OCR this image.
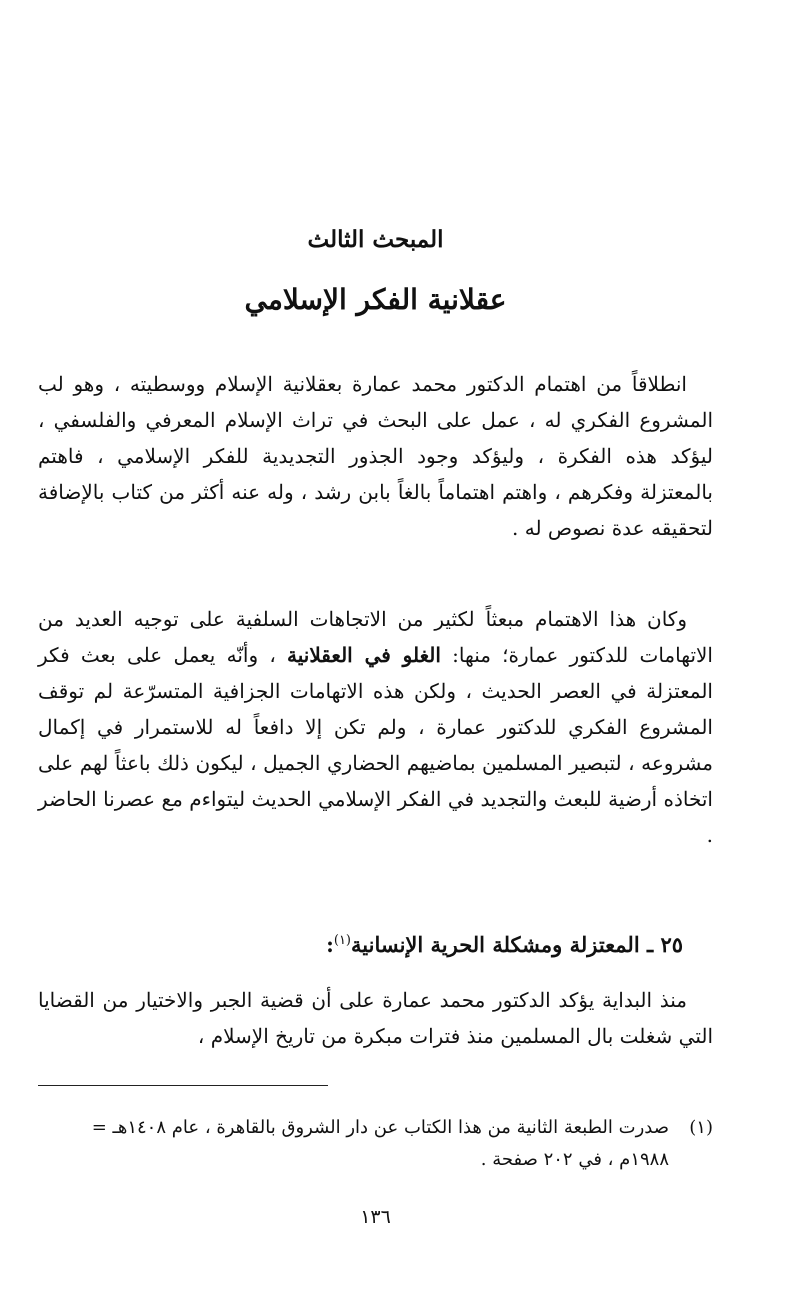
المبحث الثالث
عقلانية الفكر الإسلامي

انطلاقاً من اهتمام الدكتور محمد عمارة بعقلانية الإسلام ووسطيته ، وهو لب المشروع الفكري له ، عمل على البحث في تراث الإسلام المعرفي والفلسفي ، ليؤكد هذه الفكرة ، وليؤكد وجود الجذور التجديدية للفكر الإسلامي ، فاهتم بالمعتزلة وفكرهم ، واهتم اهتماماً بالغاً بابن رشد ، وله عنه أكثر من كتاب بالإضافة لتحقيقه عدة نصوص له .

وكان هذا الاهتمام مبعثاً لكثير من الاتجاهات السلفية على توجيه العديد من الاتهامات للدكتور عمارة؛ منها: الغلو في العقلانية ، وأنّه يعمل على بعث فكر المعتزلة في العصر الحديث ، ولكن هذه الاتهامات الجزافية المتسرّعة لم توقف المشروع الفكري للدكتور عمارة ، ولم تكن إلا دافعاً له للاستمرار في إكمال مشروعه ، لتبصير المسلمين بماضيهم الحضاري الجميل ، ليكون ذلك باعثاً لهم على اتخاذه أرضية للبعث والتجديد في الفكر الإسلامي الحديث ليتواءم مع عصرنا الحاضر .

٢٥ ـ المعتزلة ومشكلة الحرية الإنسانية$^{(١)}$:

منذ البداية يؤكد الدكتور محمد عمارة على أن قضية الجبر والاختيار من القضايا التي شغلت بال المسلمين منذ فترات مبكرة من تاريخ الإسلام ،

(١)
صدرت الطبعة الثانية من هذا الكتاب عن دار الشروق بالقاهرة ، عام ١٤٠٨هـ = ١٩٨٨م ، في ٢٠٢ صفحة .
١٣٦
